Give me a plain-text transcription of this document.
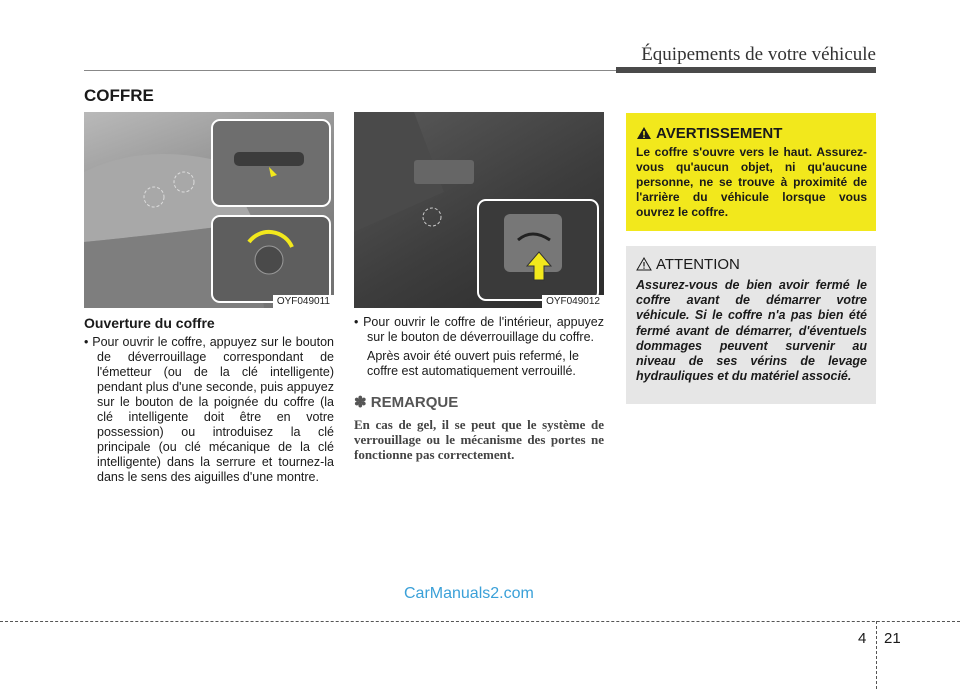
Équipements de votre véhicule
COFFRE
OYF049011	OYF049012
Ouverture du coffre

• Pour ouvrir le coffre, appuyez sur le bouton de déverrouillage correspondant de l'émetteur (ou de la clé intelligente) pendant plus d'une seconde, puis appuyez sur le bouton de la poignée du coffre (la clé intelligente doit être en votre possession) ou introduisez la clé principale (ou clé mécanique de la clé intelligente) dans la serrure et tournez-la dans le sens des aiguilles d'une montre.

• Pour ouvrir le coffre de l'intérieur, appuyez sur le bouton de déverrouillage du coffre.

Après avoir été ouvert puis refermé, le coffre est automatiquement verrouillé.

✽ REMARQUE
En cas de gel, il se peut que le système de verrouillage ou le mécanisme des portes ne fonctionne pas correctement.
AVERTISSEMENT
Le coffre s'ouvre vers le haut. Assurez-vous qu'aucun objet, ni qu'aucune personne, ne se trouve à proximité de l'arrière du véhicule lorsque vous ouvrez le coffre.
ATTENTION
Assurez-vous de bien avoir fermé le coffre avant de démarrer votre véhicule. Si le coffre n'a pas bien été fermé avant de démarrer, d'éventuels dommages peuvent survenir au niveau de ses vérins de levage hydrauliques et du matériel associé.
CarManuals2.com
4 21
